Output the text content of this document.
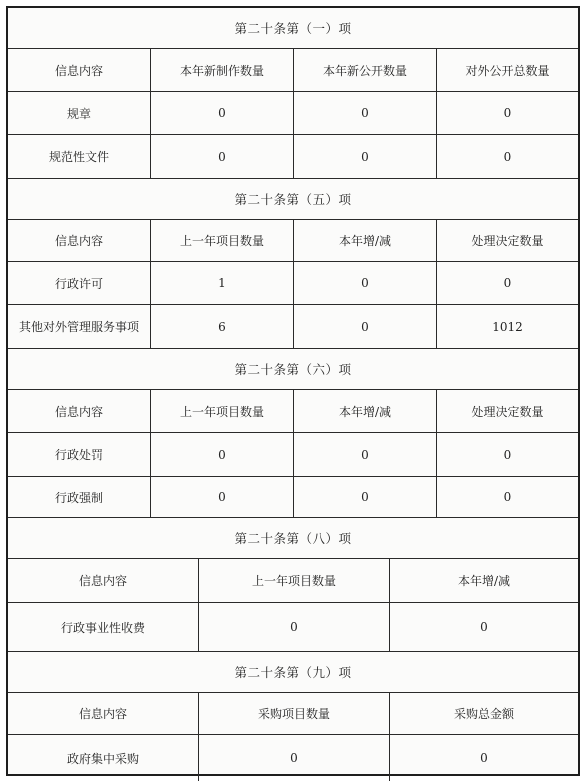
第二十条第（一）项
信息内容	本年新制作数量	本年新公开数量	对外公开总数量
规章	0	0	0
规范性文件	0	0	0
第二十条第（五）项
信息内容	上一年项目数量	本年增/减	处理决定数量
行政许可	1	0	0
其他对外管理服务事项	6	0	1012
第二十条第（六）项
信息内容	上一年项目数量	本年增/减	处理决定数量
行政处罚	0	0	0
行政强制	0	0	0
第二十条第（八）项
信息内容	上一年项目数量	本年增/减
行政事业性收费	0	0
第二十条第（九）项
信息内容	采购项目数量	采购总金额
政府集中采购	0	0
